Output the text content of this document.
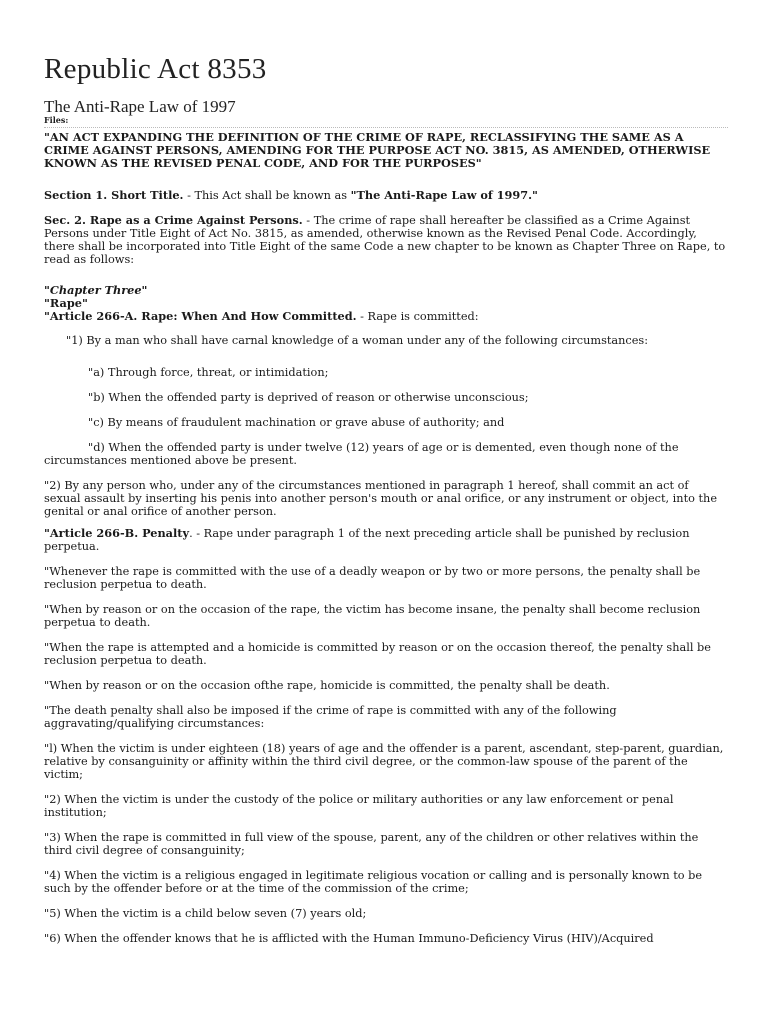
Republic Act 8353
The Anti-Rape Law of 1997
Files:

"AN ACT EXPANDING THE DEFINITION OF THE CRIME OF RAPE, RECLASSIFYING THE SAME AS A CRIME AGAINST PERSONS, AMENDING FOR THE PURPOSE ACT NO. 3815, AS AMENDED, OTHERWISE KNOWN AS THE REVISED PENAL CODE, AND FOR THE PURPOSES"

Section 1. Short Title. - This Act shall be known as "The Anti-Rape Law of 1997."

Sec. 2. Rape as a Crime Against Persons. - The crime of rape shall hereafter be classified as a Crime Against Persons under Title Eight of Act No. 3815, as amended, otherwise known as the Revised Penal Code. Accordingly, there shall be incorporated into Title Eight of the same Code a new chapter to be known as Chapter Three on Rape, to read as follows:

"Chapter Three"

"Rape"

"Article 266-A. Rape: When And How Committed. - Rape is committed:

"1) By a man who shall have carnal knowledge of a woman under any of the following circumstances:

"a) Through force, threat, or intimidation;

"b) When the offended party is deprived of reason or otherwise unconscious;

"c) By means of fraudulent machination or grave abuse of authority; and

"d) When the offended party is under twelve (12) years of age or is demented, even though none of the circumstances mentioned above be present.

"2) By any person who, under any of the circumstances mentioned in paragraph 1 hereof, shall commit an act of sexual assault by inserting his penis into another person's mouth or anal orifice, or any instrument or object, into the genital or anal orifice of another person.

"Article 266-B. Penalty. - Rape under paragraph 1 of the next preceding article shall be punished by reclusion perpetua.

"Whenever the rape is committed with the use of a deadly weapon or by two or more persons, the penalty shall be reclusion perpetua to death.

"When by reason or on the occasion of the rape, the victim has become insane, the penalty shall become reclusion perpetua to death.

"When the rape is attempted and a homicide is committed by reason or on the occasion thereof, the penalty shall be reclusion perpetua to death.

"When by reason or on the occasion ofthe rape, homicide is committed, the penalty shall be death.

"The death penalty shall also be imposed if the crime of rape is committed with any of the following aggravating/qualifying circumstances:

"l) When the victim is under eighteen (18) years of age and the offender is a parent, ascendant, step-parent, guardian, relative by consanguinity or affinity within the third civil degree, or the common-law spouse of the parent of the victim;

"2) When the victim is under the custody of the police or military authorities or any law enforcement or penal institution;

"3) When the rape is committed in full view of the spouse, parent, any of the children or other relatives within the third civil degree of consanguinity;

"4) When the victim is a religious engaged in legitimate religious vocation or calling and is personally known to be such by the offender before or at the time of the commission of the crime;

"5) When the victim is a child below seven (7) years old;

"6) When the offender knows that he is afflicted with the Human Immuno-Deficiency Virus (HIV)/Acquired
